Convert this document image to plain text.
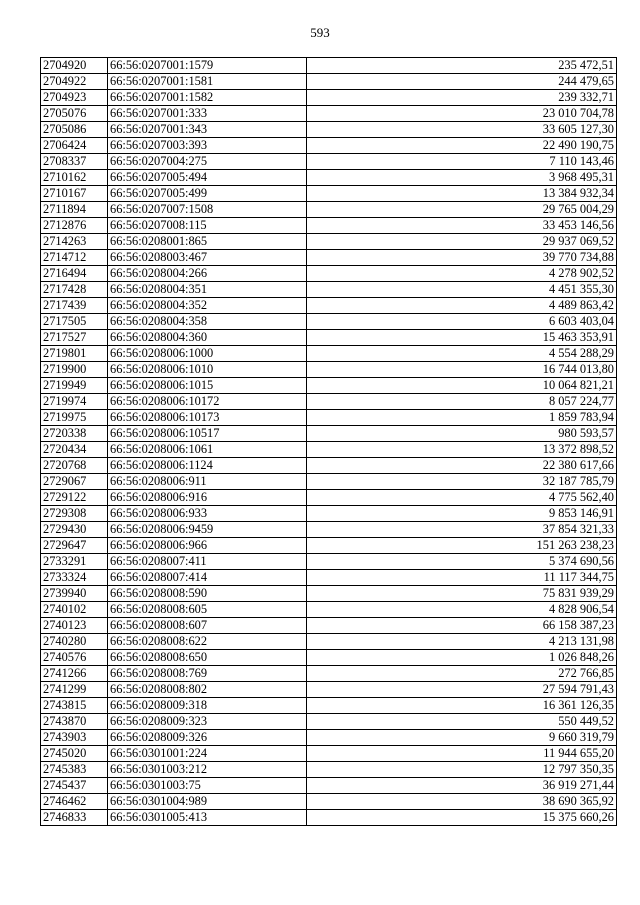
593
2704920	66:56:0207001:1579	235 472,51
2704922	66:56:0207001:1581	244 479,65
2704923	66:56:0207001:1582	239 332,71
2705076	66:56:0207001:333	23 010 704,78
2705086	66:56:0207001:343	33 605 127,30
2706424	66:56:0207003:393	22 490 190,75
2708337	66:56:0207004:275	7 110 143,46
2710162	66:56:0207005:494	3 968 495,31
2710167	66:56:0207005:499	13 384 932,34
2711894	66:56:0207007:1508	29 765 004,29
2712876	66:56:0207008:115	33 453 146,56
2714263	66:56:0208001:865	29 937 069,52
2714712	66:56:0208003:467	39 770 734,88
2716494	66:56:0208004:266	4 278 902,52
2717428	66:56:0208004:351	4 451 355,30
2717439	66:56:0208004:352	4 489 863,42
2717505	66:56:0208004:358	6 603 403,04
2717527	66:56:0208004:360	15 463 353,91
2719801	66:56:0208006:1000	4 554 288,29
2719900	66:56:0208006:1010	16 744 013,80
2719949	66:56:0208006:1015	10 064 821,21
2719974	66:56:0208006:10172	8 057 224,77
2719975	66:56:0208006:10173	1 859 783,94
2720338	66:56:0208006:10517	980 593,57
2720434	66:56:0208006:1061	13 372 898,52
2720768	66:56:0208006:1124	22 380 617,66
2729067	66:56:0208006:911	32 187 785,79
2729122	66:56:0208006:916	4 775 562,40
2729308	66:56:0208006:933	9 853 146,91
2729430	66:56:0208006:9459	37 854 321,33
2729647	66:56:0208006:966	151 263 238,23
2733291	66:56:0208007:411	5 374 690,56
2733324	66:56:0208007:414	11 117 344,75
2739940	66:56:0208008:590	75 831 939,29
2740102	66:56:0208008:605	4 828 906,54
2740123	66:56:0208008:607	66 158 387,23
2740280	66:56:0208008:622	4 213 131,98
2740576	66:56:0208008:650	1 026 848,26
2741266	66:56:0208008:769	272 766,85
2741299	66:56:0208008:802	27 594 791,43
2743815	66:56:0208009:318	16 361 126,35
2743870	66:56:0208009:323	550 449,52
2743903	66:56:0208009:326	9 660 319,79
2745020	66:56:0301001:224	11 944 655,20
2745383	66:56:0301003:212	12 797 350,35
2745437	66:56:0301003:75	36 919 271,44
2746462	66:56:0301004:989	38 690 365,92
2746833	66:56:0301005:413	15 375 660,26
